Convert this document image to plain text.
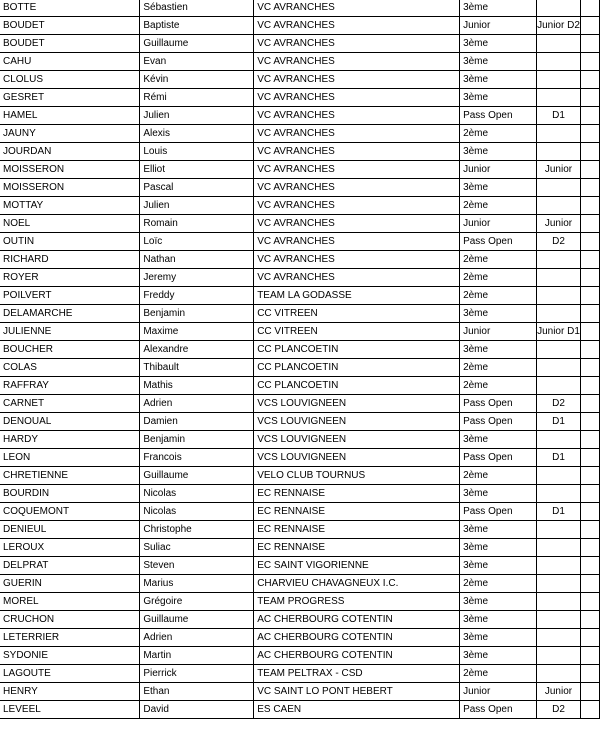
BOTTE	Sébastien	VC AVRANCHES	3ème		
BOUDET	Baptiste	VC AVRANCHES	Junior	Junior D2	
BOUDET	Guillaume	VC AVRANCHES	3ème		
CAHU	Evan	VC AVRANCHES	3ème		
CLOLUS	Kévin	VC AVRANCHES	3ème		
GESRET	Rémi	VC AVRANCHES	3ème		
HAMEL	Julien	VC AVRANCHES	Pass Open	D1	
JAUNY	Alexis	VC AVRANCHES	2ème		
JOURDAN	Louis	VC AVRANCHES	3ème		
MOISSERON	Elliot	VC AVRANCHES	Junior	Junior	
MOISSERON	Pascal	VC AVRANCHES	3ème		
MOTTAY	Julien	VC AVRANCHES	2ème		
NOEL	Romain	VC AVRANCHES	Junior	Junior	
OUTIN	Loïc	VC AVRANCHES	Pass Open	D2	
RICHARD	Nathan	VC AVRANCHES	2ème		
ROYER	Jeremy	VC AVRANCHES	2ème		
POILVERT	Freddy	TEAM LA GODASSE	2ème		
DELAMARCHE	Benjamin	CC VITREEN	3ème		
JULIENNE	Maxime	CC VITREEN	Junior	Junior D1	
BOUCHER	Alexandre	CC PLANCOETIN	3ème		
COLAS	Thibault	CC PLANCOETIN	2ème		
RAFFRAY	Mathis	CC PLANCOETIN	2ème		
CARNET	Adrien	VCS LOUVIGNEEN	Pass Open	D2	
DENOUAL	Damien	VCS LOUVIGNEEN	Pass Open	D1	
HARDY	Benjamin	VCS LOUVIGNEEN	3ème		
LEON	Francois	VCS LOUVIGNEEN	Pass Open	D1	
CHRETIENNE	Guillaume	VELO CLUB TOURNUS	2ème		
BOURDIN	Nicolas	EC RENNAISE	3ème		
COQUEMONT	Nicolas	EC RENNAISE	Pass Open	D1	
DENIEUL	Christophe	EC RENNAISE	3ème		
LEROUX	Suliac	EC RENNAISE	3ème		
DELPRAT	Steven	EC SAINT VIGORIENNE	3ème		
GUERIN	Marius	CHARVIEU CHAVAGNEUX I.C.	2ème		
MOREL	Grégoire	TEAM PROGRESS	3ème		
CRUCHON	Guillaume	AC CHERBOURG COTENTIN	3ème		
LETERRIER	Adrien	AC CHERBOURG COTENTIN	3ème		
SYDONIE	Martin	AC CHERBOURG COTENTIN	3ème		
LAGOUTE	Pierrick	TEAM PELTRAX - CSD	2ème		
HENRY	Ethan	VC SAINT LO PONT HEBERT	Junior	Junior	
LEVEEL	David	ES CAEN	Pass Open	D2	
